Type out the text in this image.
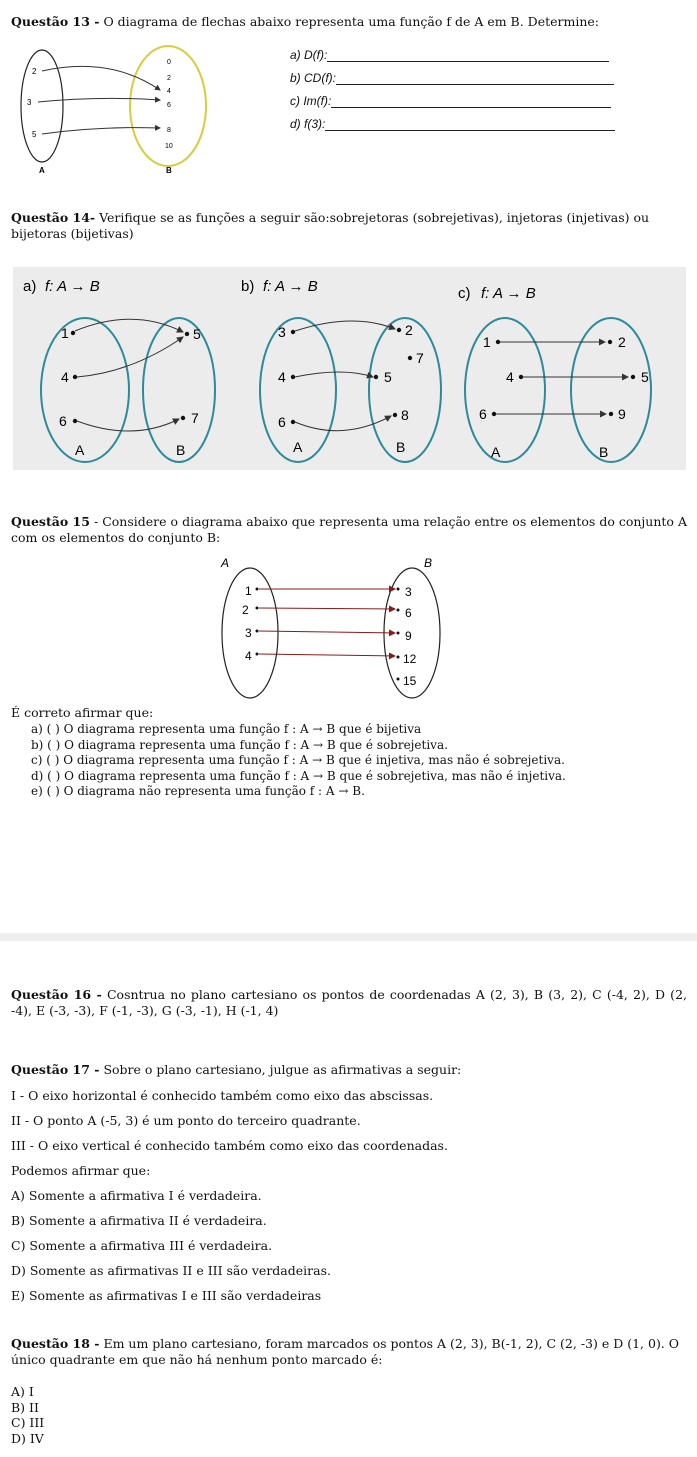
Questão 13 - O diagrama de flechas abaixo representa uma função f de A em B. Determine:
2
3
5
0
2
4
6
8
10
A	B
a) D(f):
b) CD(f):
c) Im(f):
d) f(3):
Questão 14- Verifique se as funções a seguir são:sobrejetoras (sobrejetivas), injetoras (injetivas) ou bijetoras (bijetivas)
a) f: A → B
1
4
6
5
7
A	B
b) f: A → B
3
4
6
2
7
5
8
A	B
c) f: A → B
1
4
6
2
5
9
A	B
Questão 15 - Considere o diagrama abaixo que representa uma relação entre os elementos do conjunto A com os elementos do conjunto B:
A	B
1
2
3
4
3
6
9
12
15
É correto afirmar que:
a) ( ) O diagrama representa uma função f : A → B que é bijetiva
b) ( ) O diagrama representa uma função f : A → B que é sobrejetiva.
c) ( ) O diagrama representa uma função f : A → B que é injetiva, mas não é sobrejetiva.
d) ( ) O diagrama representa uma função f : A → B que é sobrejetiva, mas não é injetiva.
e) ( ) O diagrama não representa uma função f : A → B.
Questão 16 - Cosntrua no plano cartesiano os pontos de coordenadas A (2, 3), B (3, 2), C (-4, 2), D (2, -4), E (-3, -3), F (-1, -3), G (-3, -1), H (-1, 4)
Questão 17 - Sobre o plano cartesiano, julgue as afirmativas a seguir:
I - O eixo horizontal é conhecido também como eixo das abscissas.
II - O ponto A (-5, 3) é um ponto do terceiro quadrante.
III - O eixo vertical é conhecido também como eixo das coordenadas.
Podemos afirmar que:
A) Somente a afirmativa I é verdadeira.
B) Somente a afirmativa II é verdadeira.
C) Somente a afirmativa III é verdadeira.
D) Somente as afirmativas II e III são verdadeiras.
E) Somente as afirmativas I e III são verdadeiras
Questão 18 - Em um plano cartesiano, foram marcados os pontos A (2, 3), B(-1, 2), C (2, -3) e D (1, 0). O único quadrante em que não há nenhum ponto marcado é:
A) I
B) II
C) III
D) IV
